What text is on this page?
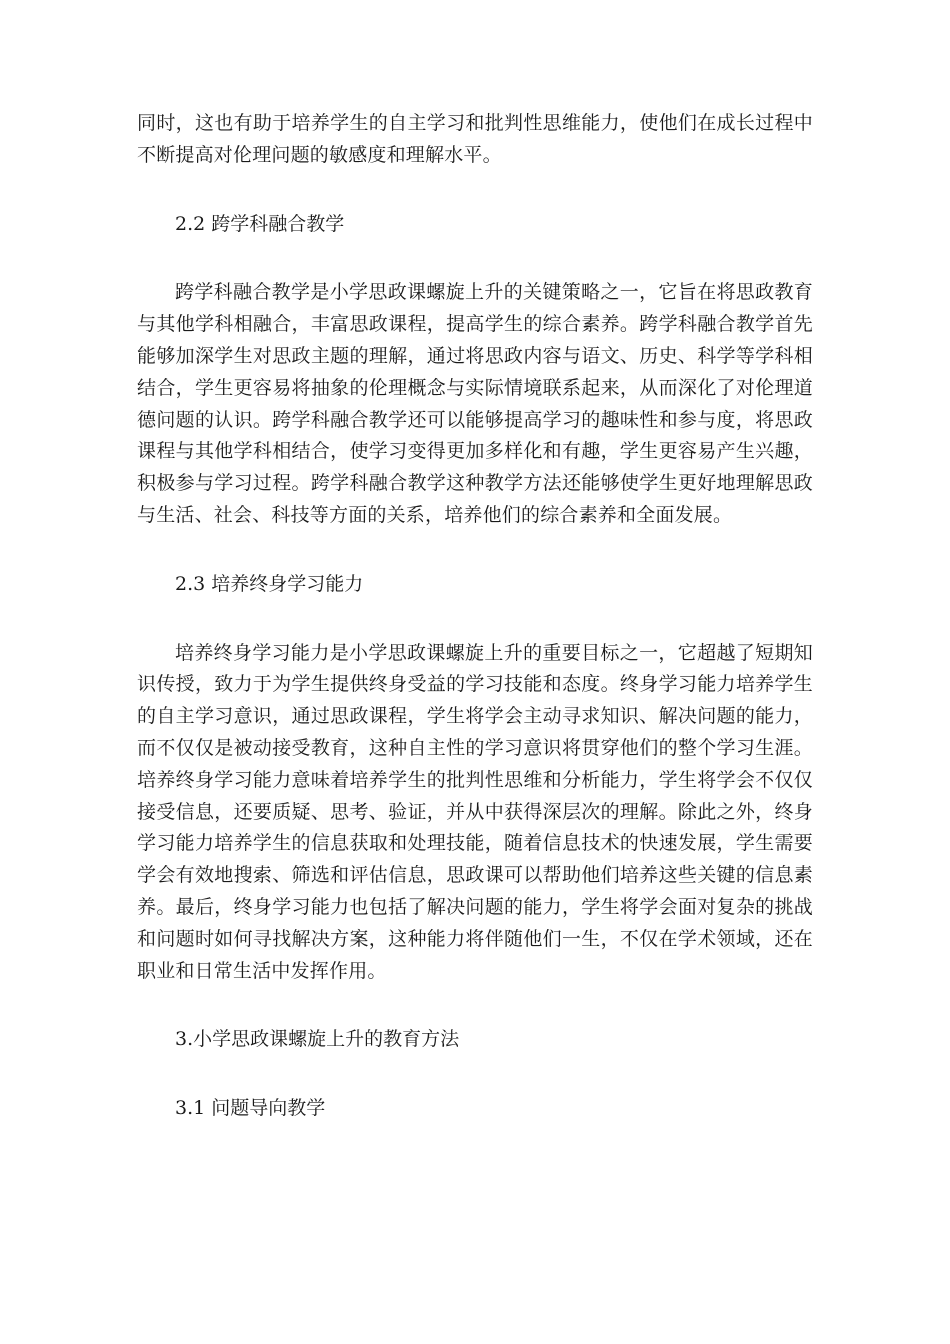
同时，这也有助于培养学生的自主学习和批判性思维能力，使他们在成长过程中不断提高对伦理问题的敏感度和理解水平。

2.2 跨学科融合教学

跨学科融合教学是小学思政课螺旋上升的关键策略之一，它旨在将思政教育与其他学科相融合，丰富思政课程，提高学生的综合素养。跨学科融合教学首先能够加深学生对思政主题的理解，通过将思政内容与语文、历史、科学等学科相结合，学生更容易将抽象的伦理概念与实际情境联系起来，从而深化了对伦理道德问题的认识。跨学科融合教学还可以能够提高学习的趣味性和参与度，将思政课程与其他学科相结合，使学习变得更加多样化和有趣，学生更容易产生兴趣，积极参与学习过程。跨学科融合教学这种教学方法还能够使学生更好地理解思政与生活、社会、科技等方面的关系，培养他们的综合素养和全面发展。

2.3 培养终身学习能力

培养终身学习能力是小学思政课螺旋上升的重要目标之一，它超越了短期知识传授，致力于为学生提供终身受益的学习技能和态度。终身学习能力培养学生的自主学习意识，通过思政课程，学生将学会主动寻求知识、解决问题的能力，而不仅仅是被动接受教育，这种自主性的学习意识将贯穿他们的整个学习生涯。培养终身学习能力意味着培养学生的批判性思维和分析能力，学生将学会不仅仅接受信息，还要质疑、思考、验证，并从中获得深层次的理解。除此之外，终身学习能力培养学生的信息获取和处理技能，随着信息技术的快速发展，学生需要学会有效地搜索、筛选和评估信息，思政课可以帮助他们培养这些关键的信息素养。最后，终身学习能力也包括了解决问题的能力，学生将学会面对复杂的挑战和问题时如何寻找解决方案，这种能力将伴随他们一生，不仅在学术领域，还在职业和日常生活中发挥作用。

3.小学思政课螺旋上升的教育方法

3.1 问题导向教学
